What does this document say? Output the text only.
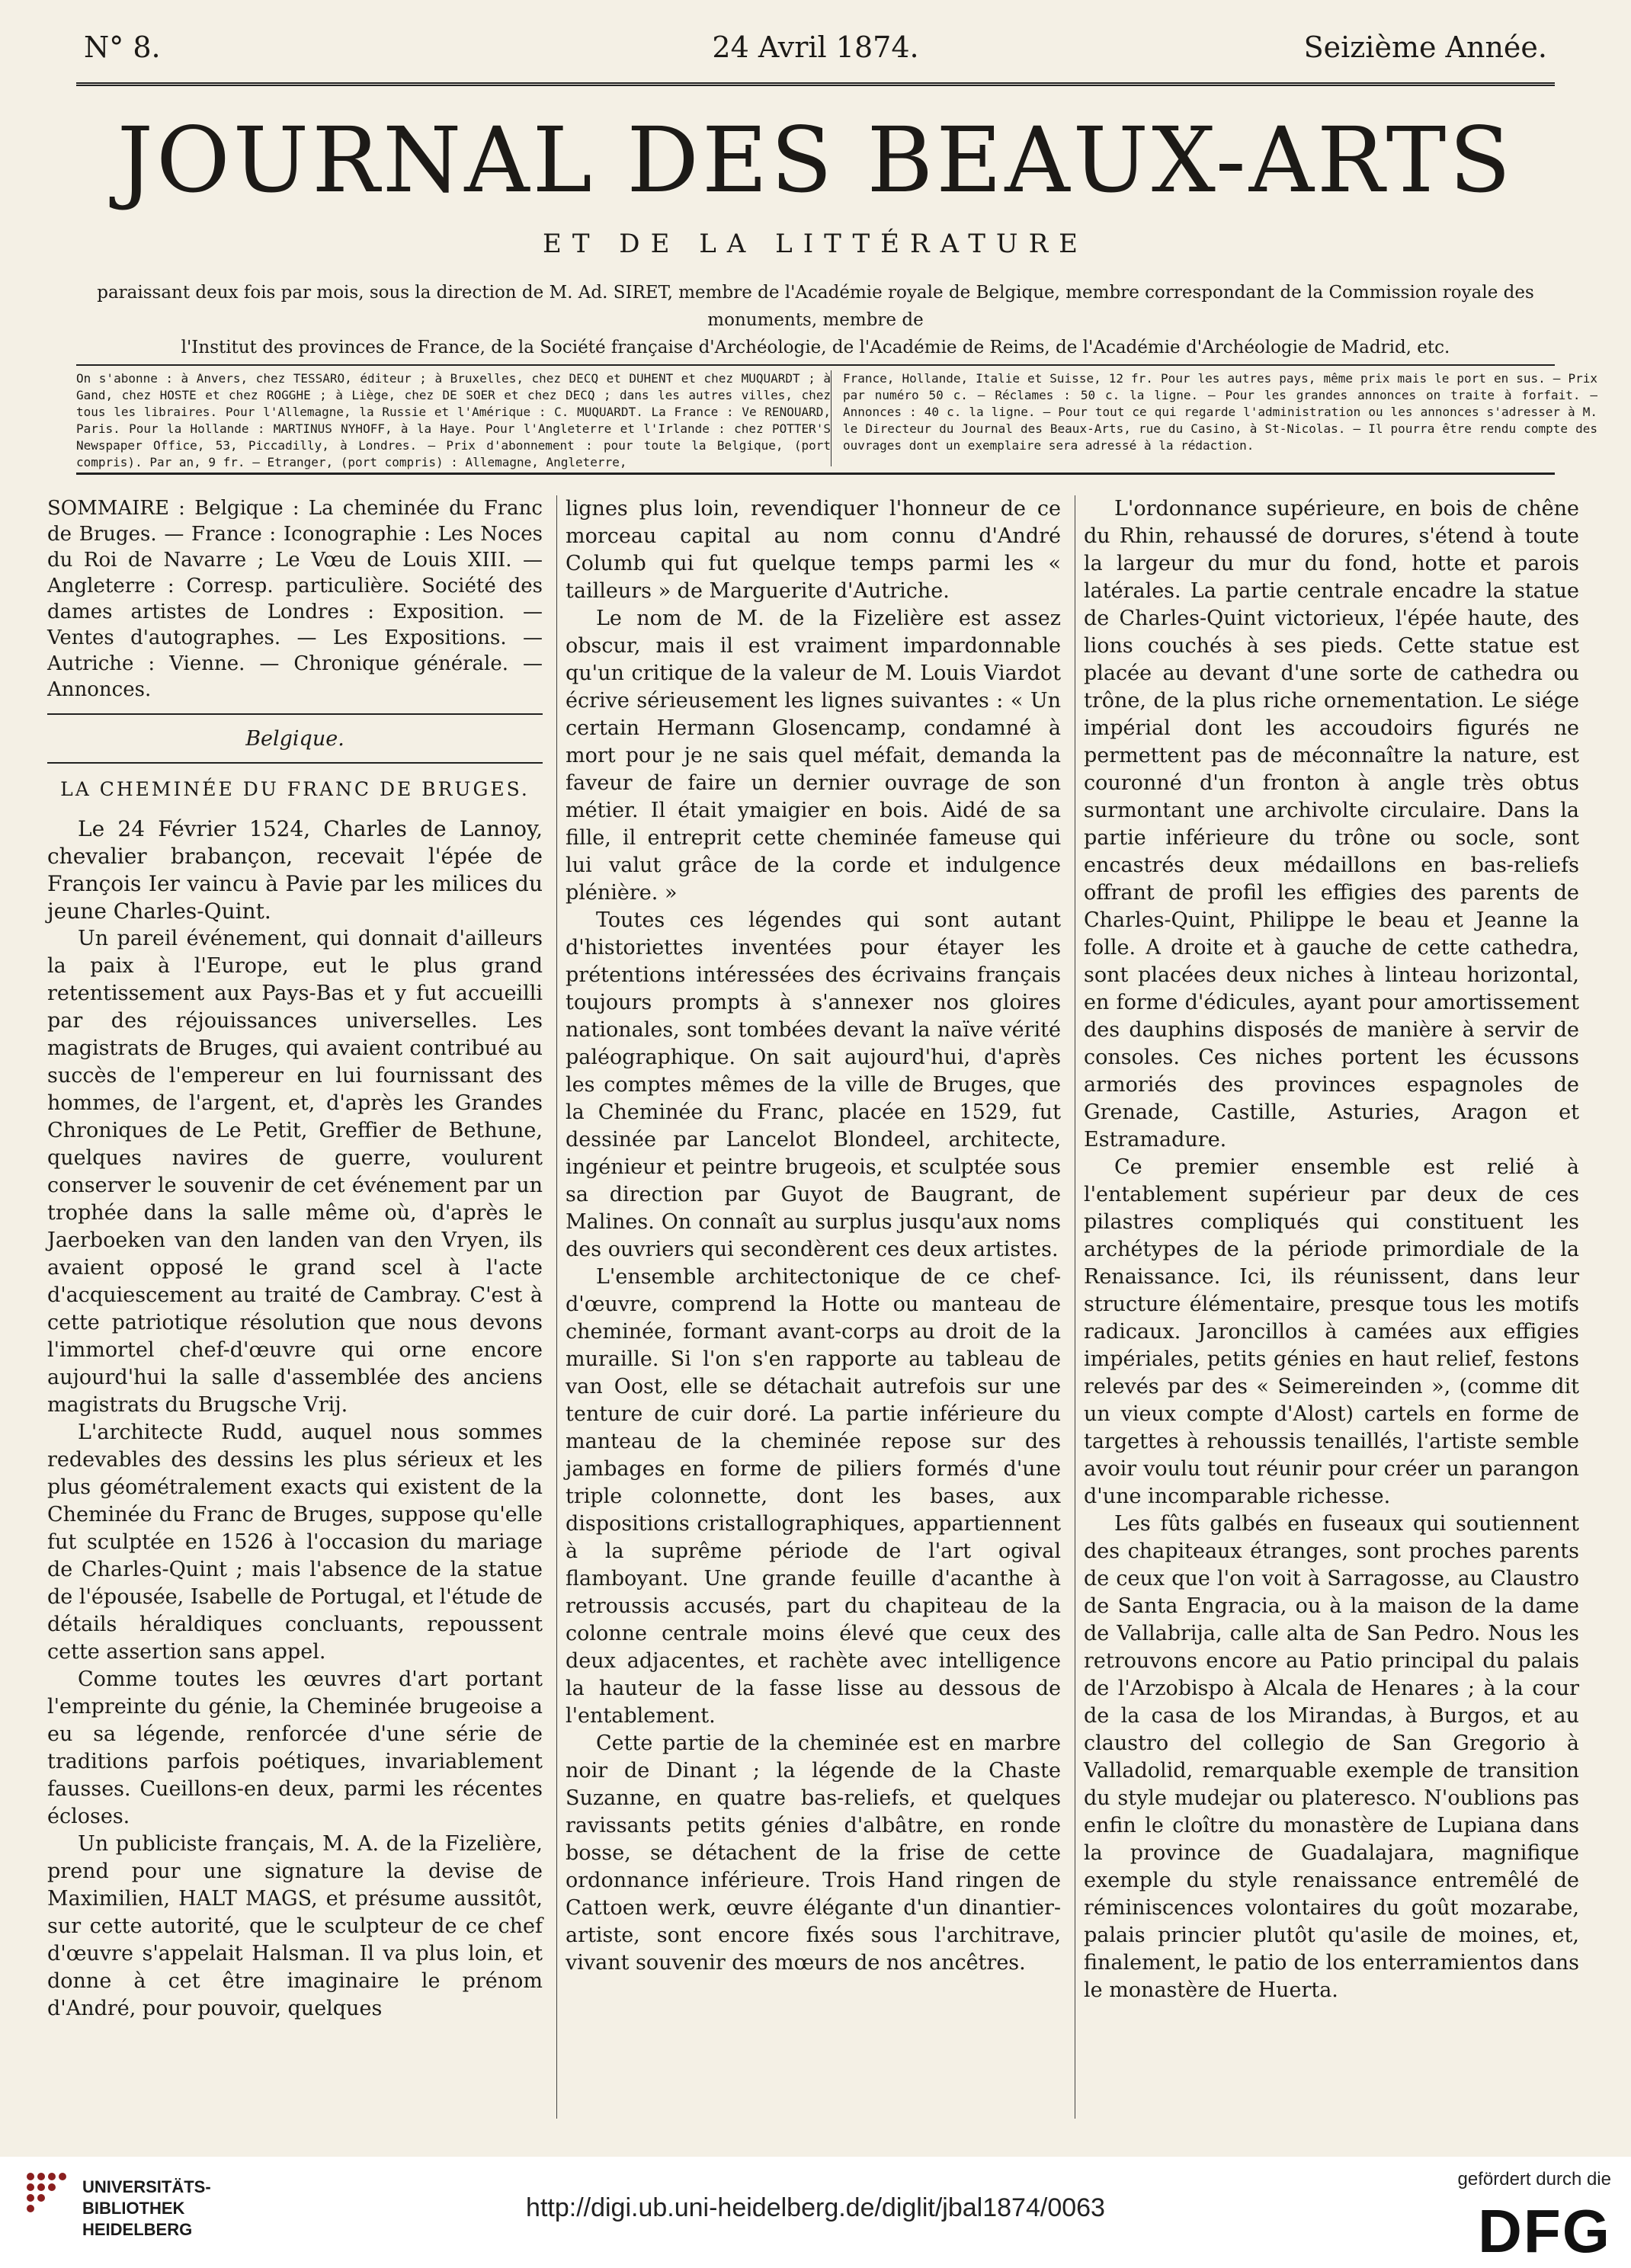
N° 8.	24 Avril 1874.	Seizième Année.
JOURNAL DES BEAUX-ARTS
ET DE LA LITTÉRATURE
paraissant deux fois par mois, sous la direction de M. Ad. SIRET, membre de l'Académie royale de Belgique, membre correspondant de la Commission royale des monuments, membre de
l'Institut des provinces de France, de la Société française d'Archéologie, de l'Académie de Reims, de l'Académie d'Archéologie de Madrid, etc.
On s'abonne : à Anvers, chez TESSARO, éditeur ; à Bruxelles, chez DECQ et DUHENT et chez MUQUARDT ; à Gand, chez HOSTE et chez ROGGHE ; à Liège, chez DE SOER et chez DECQ ; dans les autres villes, chez tous les libraires. Pour l'Allemagne, la Russie et l'Amérique : C. MUQUARDT. La France : Ve RENOUARD, Paris. Pour la Hollande : MARTINUS NYHOFF, à la Haye. Pour l'Angleterre et l'Irlande : chez POTTER'S Newspaper Office, 53, Piccadilly, à Londres. — Prix d'abonnement : pour toute la Belgique, (port compris). Par an, 9 fr. — Etranger, (port compris) : Allemagne, Angleterre,
France, Hollande, Italie et Suisse, 12 fr. Pour les autres pays, même prix mais le port en sus. — Prix par numéro 50 c. — Réclames : 50 c. la ligne. — Pour les grandes annonces on traite à forfait. — Annonces : 40 c. la ligne. — Pour tout ce qui regarde l'administration ou les annonces s'adresser à M. le Directeur du Journal des Beaux-Arts, rue du Casino, à St-Nicolas. — Il pourra être rendu compte des ouvrages dont un exemplaire sera adressé à la rédaction.

SOMMAIRE : Belgique : La cheminée du Franc de Bruges. — France : Iconographie : Les Noces du Roi de Navarre ; Le Vœu de Louis XIII. — Angleterre : Corresp. particulière. Société des dames artistes de Londres : Exposition. — Ventes d'autographes. — Les Expositions. — Autriche : Vienne. — Chronique générale. — Annonces.

Belgique.

LA CHEMINÉE DU FRANC DE BRUGES.

Le 24 Février 1524, Charles de Lannoy, chevalier brabançon, recevait l'épée de François Ier vaincu à Pavie par les milices du jeune Charles-Quint.

Un pareil événement, qui donnait d'ailleurs la paix à l'Europe, eut le plus grand retentissement aux Pays-Bas et y fut accueilli par des réjouissances universelles. Les magistrats de Bruges, qui avaient contribué au succès de l'empereur en lui fournissant des hommes, de l'argent, et, d'après les Grandes Chroniques de Le Petit, Greffier de Bethune, quelques navires de guerre, voulurent conserver le souvenir de cet événement par un trophée dans la salle même où, d'après le Jaerboeken van den landen van den Vryen, ils avaient opposé le grand scel à l'acte d'acquiescement au traité de Cambray. C'est à cette patriotique résolution que nous devons l'immortel chef-d'œuvre qui orne encore aujourd'hui la salle d'assemblée des anciens magistrats du Brugsche Vrij.

L'architecte Rudd, auquel nous sommes redevables des dessins les plus sérieux et les plus géométralement exacts qui existent de la Cheminée du Franc de Bruges, suppose qu'elle fut sculptée en 1526 à l'occasion du mariage de Charles-Quint ; mais l'absence de la statue de l'épousée, Isabelle de Portugal, et l'étude de détails héraldiques concluants, repoussent cette assertion sans appel.

Comme toutes les œuvres d'art portant l'empreinte du génie, la Cheminée brugeoise a eu sa légende, renforcée d'une série de traditions parfois poétiques, invariablement fausses. Cueillons-en deux, parmi les récentes écloses.

Un publiciste français, M. A. de la Fizelière, prend pour une signature la devise de Maximilien, HALT MAGS, et présume aussitôt, sur cette autorité, que le sculpteur de ce chef d'œuvre s'appelait Halsman. Il va plus loin, et donne à cet être imaginaire le prénom d'André, pour pouvoir, quelques

lignes plus loin, revendiquer l'honneur de ce morceau capital au nom connu d'André Columb qui fut quelque temps parmi les « tailleurs » de Marguerite d'Autriche.

Le nom de M. de la Fizelière est assez obscur, mais il est vraiment impardonnable qu'un critique de la valeur de M. Louis Viardot écrive sérieusement les lignes suivantes : « Un certain Hermann Glosencamp, condamné à mort pour je ne sais quel méfait, demanda la faveur de faire un dernier ouvrage de son métier. Il était ymaigier en bois. Aidé de sa fille, il entreprit cette cheminée fameuse qui lui valut grâce de la corde et indulgence plénière. »

Toutes ces légendes qui sont autant d'historiettes inventées pour étayer les prétentions intéressées des écrivains français toujours prompts à s'annexer nos gloires nationales, sont tombées devant la naïve vérité paléographique. On sait aujourd'hui, d'après les comptes mêmes de la ville de Bruges, que la Cheminée du Franc, placée en 1529, fut dessinée par Lancelot Blondeel, architecte, ingénieur et peintre brugeois, et sculptée sous sa direction par Guyot de Baugrant, de Malines. On connaît au surplus jusqu'aux noms des ouvriers qui secondèrent ces deux artistes.

L'ensemble architectonique de ce chef-d'œuvre, comprend la Hotte ou manteau de cheminée, formant avant-corps au droit de la muraille. Si l'on s'en rapporte au tableau de van Oost, elle se détachait autrefois sur une tenture de cuir doré. La partie inférieure du manteau de la cheminée repose sur des jambages en forme de piliers formés d'une triple colonnette, dont les bases, aux dispositions cristallographiques, appartiennent à la suprême période de l'art ogival flamboyant. Une grande feuille d'acanthe à retroussis accusés, part du chapiteau de la colonne centrale moins élevé que ceux des deux adjacentes, et rachète avec intelligence la hauteur de la fasse lisse au dessous de l'entablement.

Cette partie de la cheminée est en marbre noir de Dinant ; la légende de la Chaste Suzanne, en quatre bas-reliefs, et quelques ravissants petits génies d'albâtre, en ronde bosse, se détachent de la frise de cette ordonnance inférieure. Trois Hand ringen de Cattoen werk, œuvre élégante d'un dinantier-artiste, sont encore fixés sous l'architrave, vivant souvenir des mœurs de nos ancêtres.

L'ordonnance supérieure, en bois de chêne du Rhin, rehaussé de dorures, s'étend à toute la largeur du mur du fond, hotte et parois latérales. La partie centrale encadre la statue de Charles-Quint victorieux, l'épée haute, des lions couchés à ses pieds. Cette statue est placée au devant d'une sorte de cathedra ou trône, de la plus riche ornementation. Le siége impérial dont les accoudoirs figurés ne permettent pas de méconnaître la nature, est couronné d'un fronton à angle très obtus surmontant une archivolte circulaire. Dans la partie inférieure du trône ou socle, sont encastrés deux médaillons en bas-reliefs offrant de profil les effigies des parents de Charles-Quint, Philippe le beau et Jeanne la folle. A droite et à gauche de cette cathedra, sont placées deux niches à linteau horizontal, en forme d'édicules, ayant pour amortissement des dauphins disposés de manière à servir de consoles. Ces niches portent les écussons armoriés des provinces espagnoles de Grenade, Castille, Asturies, Aragon et Estramadure.

Ce premier ensemble est relié à l'entablement supérieur par deux de ces pilastres compliqués qui constituent les archétypes de la période primordiale de la Renaissance. Ici, ils réunissent, dans leur structure élémentaire, presque tous les motifs radicaux. Jaroncillos à camées aux effigies impériales, petits génies en haut relief, festons relevés par des « Seimereinden », (comme dit un vieux compte d'Alost) cartels en forme de targettes à rehoussis tenaillés, l'artiste semble avoir voulu tout réunir pour créer un parangon d'une incomparable richesse.

Les fûts galbés en fuseaux qui soutiennent des chapiteaux étranges, sont proches parents de ceux que l'on voit à Sarragosse, au Claustro de Santa Engracia, ou à la maison de la dame de Vallabrija, calle alta de San Pedro. Nous les retrouvons encore au Patio principal du palais de l'Arzobispo à Alcala de Henares ; à la cour de la casa de los Mirandas, à Burgos, et au claustro del collegio de San Gregorio à Valladolid, remarquable exemple de transition du style mudejar ou plateresco. N'oublions pas enfin le cloître du monastère de Lupiana dans la province de Guadalajara, magnifique exemple du style renaissance entremêlé de réminiscences volontaires du goût mozarabe, palais princier plutôt qu'asile de moines, et, finalement, le patio de los enterramientos dans le monastère de Huerta.

UNIVERSITÄTS-
BIBLIOTHEK
HEIDELBERG
http://digi.ub.uni-heidelberg.de/diglit/jbal1874/0063
gefördert durch die
DFG
